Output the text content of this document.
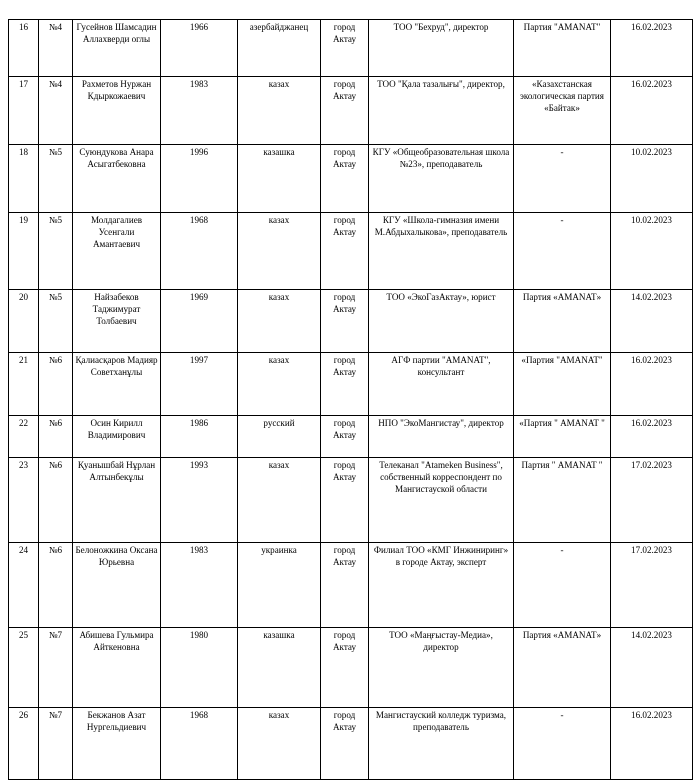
16	№4	Гусейнов Шамсадин Аллахверди оглы	1966	азербайджанец	город Актау	ТОО "Бехруд", директор	Партия "AMANAT"	16.02.2023
17	№4	Рахметов Нуржан Кдыркожаевич	1983	казах	город Актау	ТОО "Қала тазалығы", директор,	«Казахстанская экологическая партия «Байтак»	16.02.2023
18	№5	Суюндукова Анара Асыгатбековна	1996	казашка	город Актау	КГУ «Общеобразовательная школа №23», преподаватель	-	10.02.2023
19	№5	Молдагалиев Усенгали Амантаевич	1968	казах	город Актау	КГУ «Школа-гимназия имени М.Абдыхалыкова», преподаватель	-	10.02.2023
20	№5	Найзабеков Таджимурат Толбаевич	1969	казах	город Актау	ТОО «ЭкоГазАктау», юрист	Партия «AMANAT»	14.02.2023
21	№6	Қалиасқаров Мадияр Советханұлы	1997	казах	город Актау	АГФ партии "AMANAT", консультант	«Партия "AMANAT"	16.02.2023
22	№6	Осин Кирилл Владимирович	1986	русский	город Актау	НПО "ЭкоМангистау", директор	«Партия " AMANAT "	16.02.2023
23	№6	Қуанышбай Нұрлан Алтынбекұлы	1993	казах	город Актау	Телеканал "Atameken Business", собственный корреспондент по Мангистауской области	Партия " AMANAT "	17.02.2023
24	№6	Белоножкина Оксана Юрьевна	1983	украинка	город Актау	Филиал ТОО «КМГ Инжиниринг» в городе Актау, эксперт	-	17.02.2023
25	№7	Абишева Гульмира Айткеновна	1980	казашка	город Актау	ТОО «Маңғыстау-Медиа», директор	Партия «AMANAT»	14.02.2023
26	№7	Бекжанов Азат Нургельдиевич	1968	казах	город Актау	Мангистауский колледж туризма, преподаватель	-	16.02.2023
